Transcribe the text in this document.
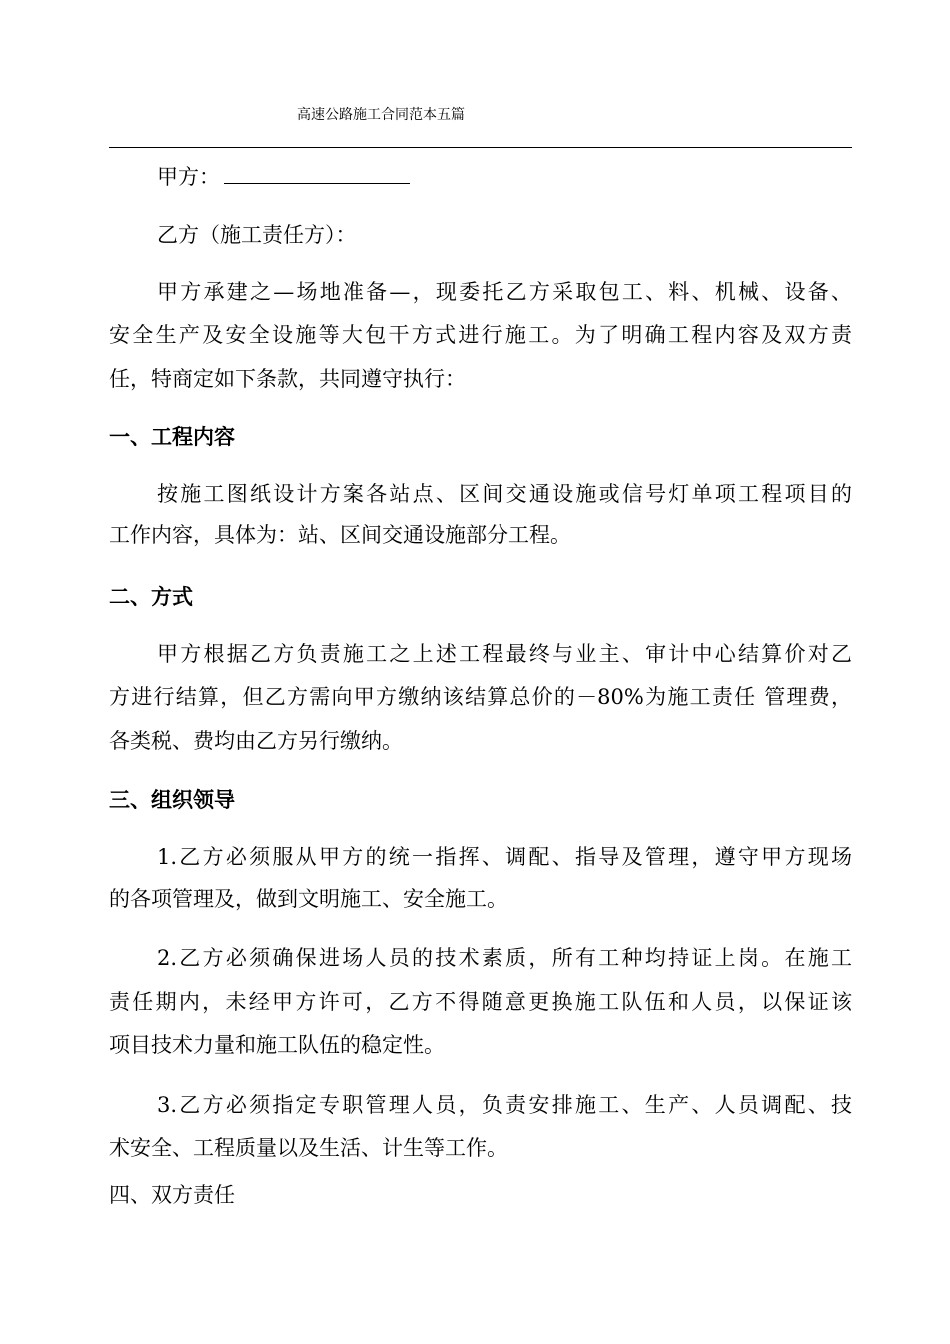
高速公路施工合同范本五篇
甲方：
乙方（施工责任方）：
甲方承建之—场地准备—，现委托乙方采取包工、料、机械、设备、
安全生产及安全设施等大包干方式进行施工。为了明确工程内容及双方责
任，特商定如下条款，共同遵守执行：
一、工程内容
按施工图纸设计方案各站点、区间交通设施或信号灯单项工程项目的
工作内容，具体为：站、区间交通设施部分工程。
二、方式
甲方根据乙方负责施工之上述工程最终与业主、审计中心结算价对乙
方进行结算，但乙方需向甲方缴纳该结算总价的－80%为施工责任 管理费，
各类税、费均由乙方另行缴纳。
三、组织领导
1.乙方必须服从甲方的统一指挥、调配、指导及管理，遵守甲方现场
的各项管理及，做到文明施工、安全施工。
2.乙方必须确保进场人员的技术素质，所有工种均持证上岗。在施工
责任期内，未经甲方许可，乙方不得随意更换施工队伍和人员，以保证该
项目技术力量和施工队伍的稳定性。
3.乙方必须指定专职管理人员，负责安排施工、生产、人员调配、技
术安全、工程质量以及生活、计生等工作。
四、双方责任
